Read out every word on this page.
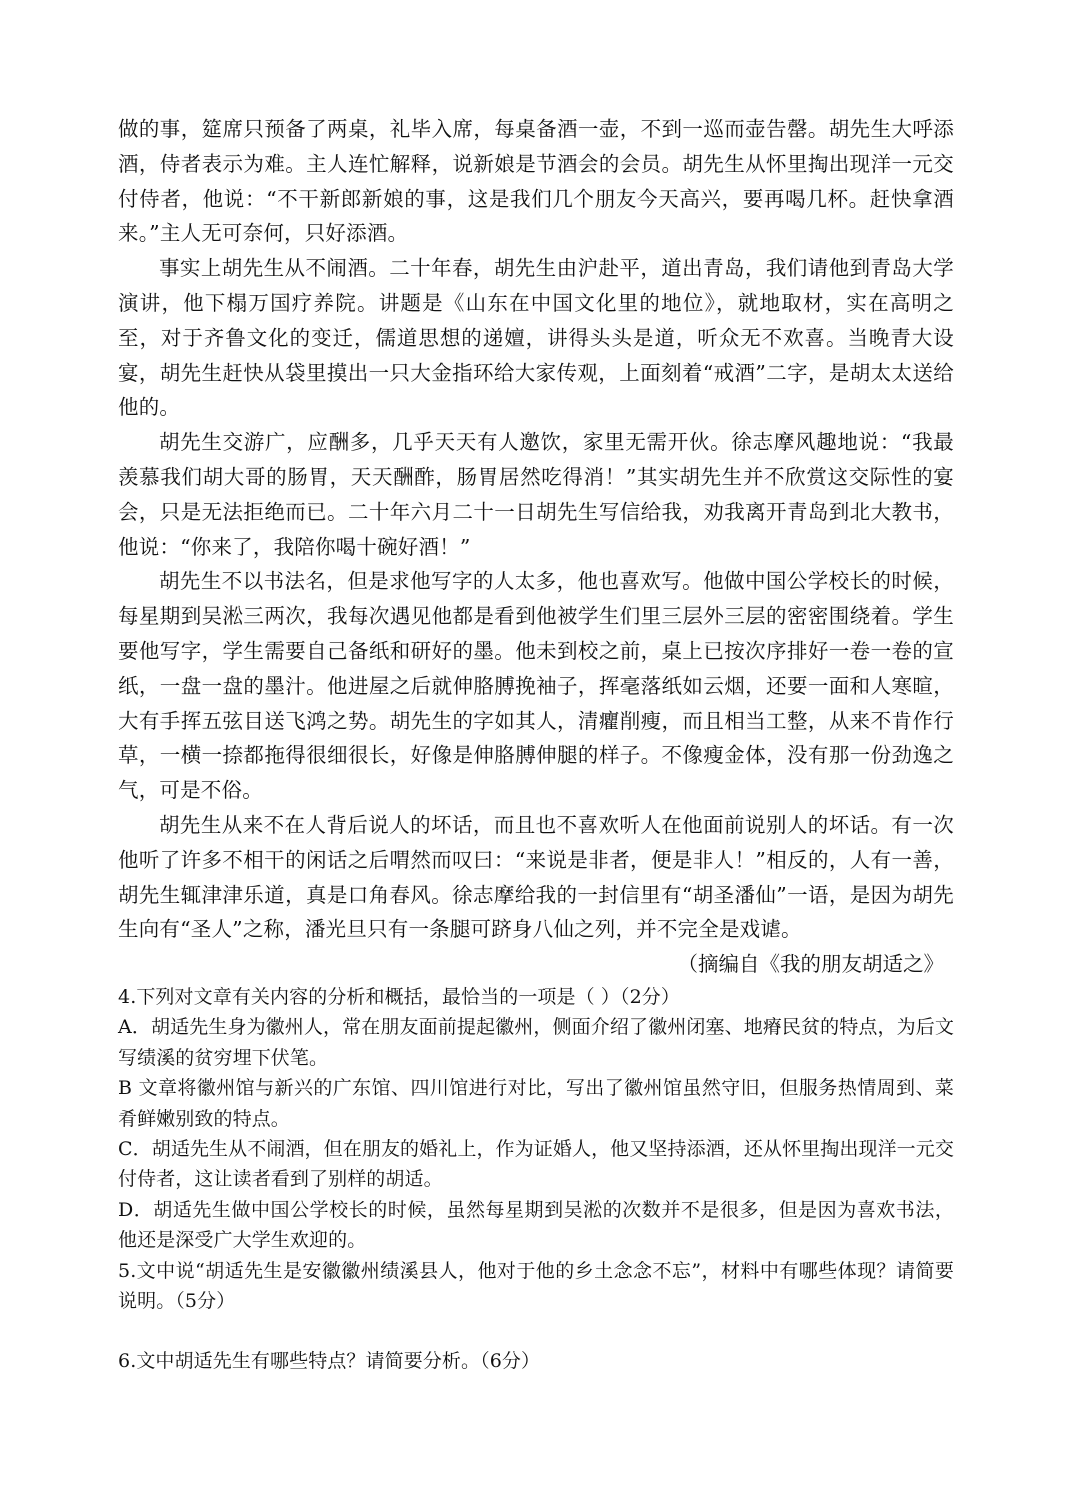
做的事，筵席只预备了两桌，礼毕入席，每桌备酒一壶，不到一巡而壶告罄。胡先生大呼添酒，侍者表示为难。主人连忙解释，说新娘是节酒会的会员。胡先生从怀里掏出现洋一元交付侍者，他说：“不干新郎新娘的事，这是我们几个朋友今天高兴，要再喝几杯。赶快拿酒来。”主人无可奈何，只好添酒。

事实上胡先生从不闹酒。二十年春，胡先生由沪赴平，道出青岛，我们请他到青岛大学演讲，他下榻万国疗养院。讲题是《山东在中国文化里的地位》，就地取材，实在高明之至，对于齐鲁文化的变迁，儒道思想的递嬗，讲得头头是道，听众无不欢喜。当晚青大设宴，胡先生赶快从袋里摸出一只大金指环给大家传观，上面刻着“戒酒”二字，是胡太太送给他的。

胡先生交游广，应酬多，几乎天天有人邀饮，家里无需开伙。徐志摩风趣地说：“我最羡慕我们胡大哥的肠胃，天天酬酢，肠胃居然吃得消！”其实胡先生并不欣赏这交际性的宴会，只是无法拒绝而已。二十年六月二十一日胡先生写信给我，劝我离开青岛到北大教书，他说：“你来了，我陪你喝十碗好酒！”

胡先生不以书法名，但是求他写字的人太多，他也喜欢写。他做中国公学校长的时候，每星期到吴淞三两次，我每次遇见他都是看到他被学生们里三层外三层的密密围绕着。学生要他写字，学生需要自己备纸和研好的墨。他未到校之前，桌上已按次序排好一卷一卷的宣纸，一盘一盘的墨汁。他进屋之后就伸胳膊挽袖子，挥毫落纸如云烟，还要一面和人寒暄，大有手挥五弦目送飞鸿之势。胡先生的字如其人，清癯削瘦，而且相当工整，从来不肯作行草，一横一捺都拖得很细很长，好像是伸胳膊伸腿的样子。不像瘦金体，没有那一份劲逸之气，可是不俗。

胡先生从来不在人背后说人的坏话，而且也不喜欢听人在他面前说别人的坏话。有一次他听了许多不相干的闲话之后喟然而叹曰：“来说是非者，便是非人！”相反的，人有一善，胡先生辄津津乐道，真是口角春风。徐志摩给我的一封信里有“胡圣潘仙”一语，是因为胡先生向有“圣人”之称，潘光旦只有一条腿可跻身八仙之列，并不完全是戏谑。

（摘编自《我的朋友胡适之》

4.下列对文章有关内容的分析和概括，最恰当的一项是（ ）（2分）

A．胡适先生身为徽州人，常在朋友面前提起徽州，侧面介绍了徽州闭塞、地瘠民贫的特点，为后文写绩溪的贫穷埋下伏笔。

B 文章将徽州馆与新兴的广东馆、四川馆进行对比，写出了徽州馆虽然守旧，但服务热情周到、菜肴鲜嫩别致的特点。

C．胡适先生从不闹酒，但在朋友的婚礼上，作为证婚人，他又坚持添酒，还从怀里掏出现洋一元交付侍者，这让读者看到了别样的胡适。

D．胡适先生做中国公学校长的时候，虽然每星期到吴淞的次数并不是很多，但是因为喜欢书法，他还是深受广大学生欢迎的。

5.文中说“胡适先生是安徽徽州绩溪县人，他对于他的乡土念念不忘”，材料中有哪些体现？请简要说明。（5分）

6.文中胡适先生有哪些特点？请简要分析。（6分）
